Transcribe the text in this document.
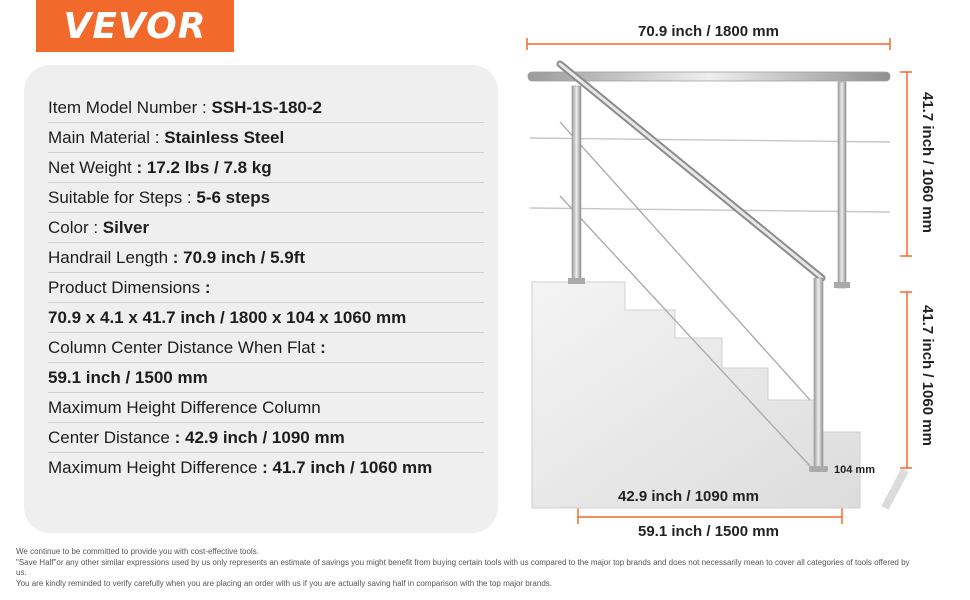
VEVOR
Item Model Number : SSH-1S-180-2
Main Material : Stainless Steel
Net Weight : 17.2 lbs / 7.8 kg
Suitable for Steps : 5-6 steps
Color : Silver
Handrail Length : 70.9 inch / 5.9ft
Product Dimensions :
70.9 x 4.1 x 41.7 inch / 1800 x 104 x 1060 mm
Column Center Distance When Flat :
59.1 inch / 1500 mm
Maximum Height Difference Column
Center Distance : 42.9 inch / 1090 mm
Maximum Height Difference : 41.7 inch / 1060 mm
70.9 inch / 1800 mm
41.7 inch / 1060 mm
41.7 inch / 1060 mm
104 mm
42.9 inch / 1090 mm
59.1 inch / 1500 mm
We continue to be committed to provide you with cost-effective tools.
"Save Half"or any other similar expressions used by us only represents an estimate of savings you might benefit from buying certain tools with us compared to the major top brands and does not necessarily mean to cover all categories of tools offered by us.
You are kindly reminded to verify carefully when you are placing an order with us if you are actually saving half in comparison with the top major brands.
